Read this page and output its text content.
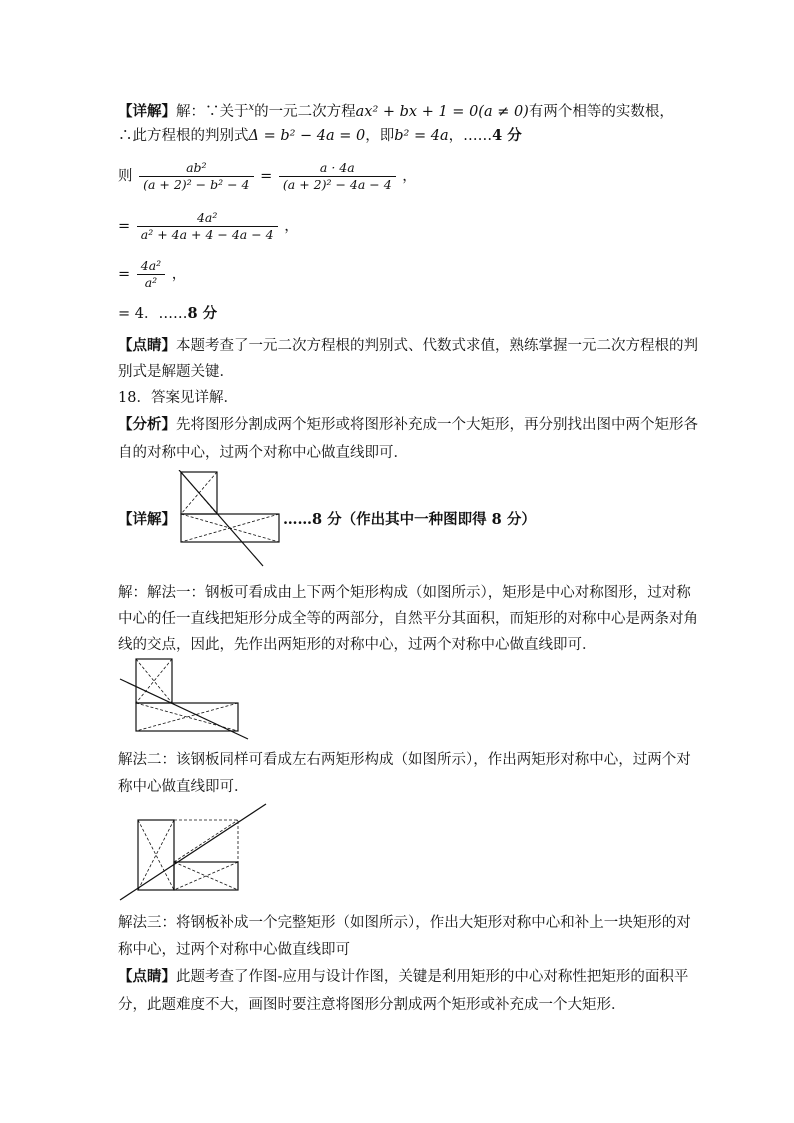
【详解】解：∵关于$^x$的一元二次方程ax² + bx + 1 = 0(a ≠ 0)有两个相等的实数根，
∴此方程根的判别式Δ = b² − 4a = 0，即b² = 4a，……4 分
则 $\frac{\text{ab²}}{\text{(a + 2)² − b² − 4}} = \frac{a \cdot 4a}{\text{(a + 2)² − 4a − 4}}$ ，
= $\frac{\text{4a²}}{\text{a² + 4a + 4 − 4a − 4}}$ ，
= $\frac{\text{4a²}}{\text{a²}}$ ，
= 4．……8 分
【点睛】本题考查了一元二次方程根的判别式、代数式求值，熟练掌握一元二次方程根的判
别式是解题关键．
18．答案见详解．
【分析】先将图形分割成两个矩形或将图形补充成一个大矩形，再分别找出图中两个矩形各
自的对称中心，过两个对称中心做直线即可．
【详解】	……8 分（作出其中一种图即得 8 分）
解：解法一：钢板可看成由上下两个矩形构成（如图所示），矩形是中心对称图形，过对称
中心的任一直线把矩形分成全等的两部分，自然平分其面积，而矩形的对称中心是两条对角
线的交点，因此，先作出两矩形的对称中心，过两个对称中心做直线即可．
解法二：该钢板同样可看成左右两矩形构成（如图所示），作出两矩形对称中心，过两个对
称中心做直线即可．
解法三：将钢板补成一个完整矩形（如图所示），作出大矩形对称中心和补上一块矩形的对
称中心，过两个对称中心做直线即可
【点睛】此题考查了作图-应用与设计作图，关键是利用矩形的中心对称性把矩形的面积平
分，此题难度不大，画图时要注意将图形分割成两个矩形或补充成一个大矩形．
